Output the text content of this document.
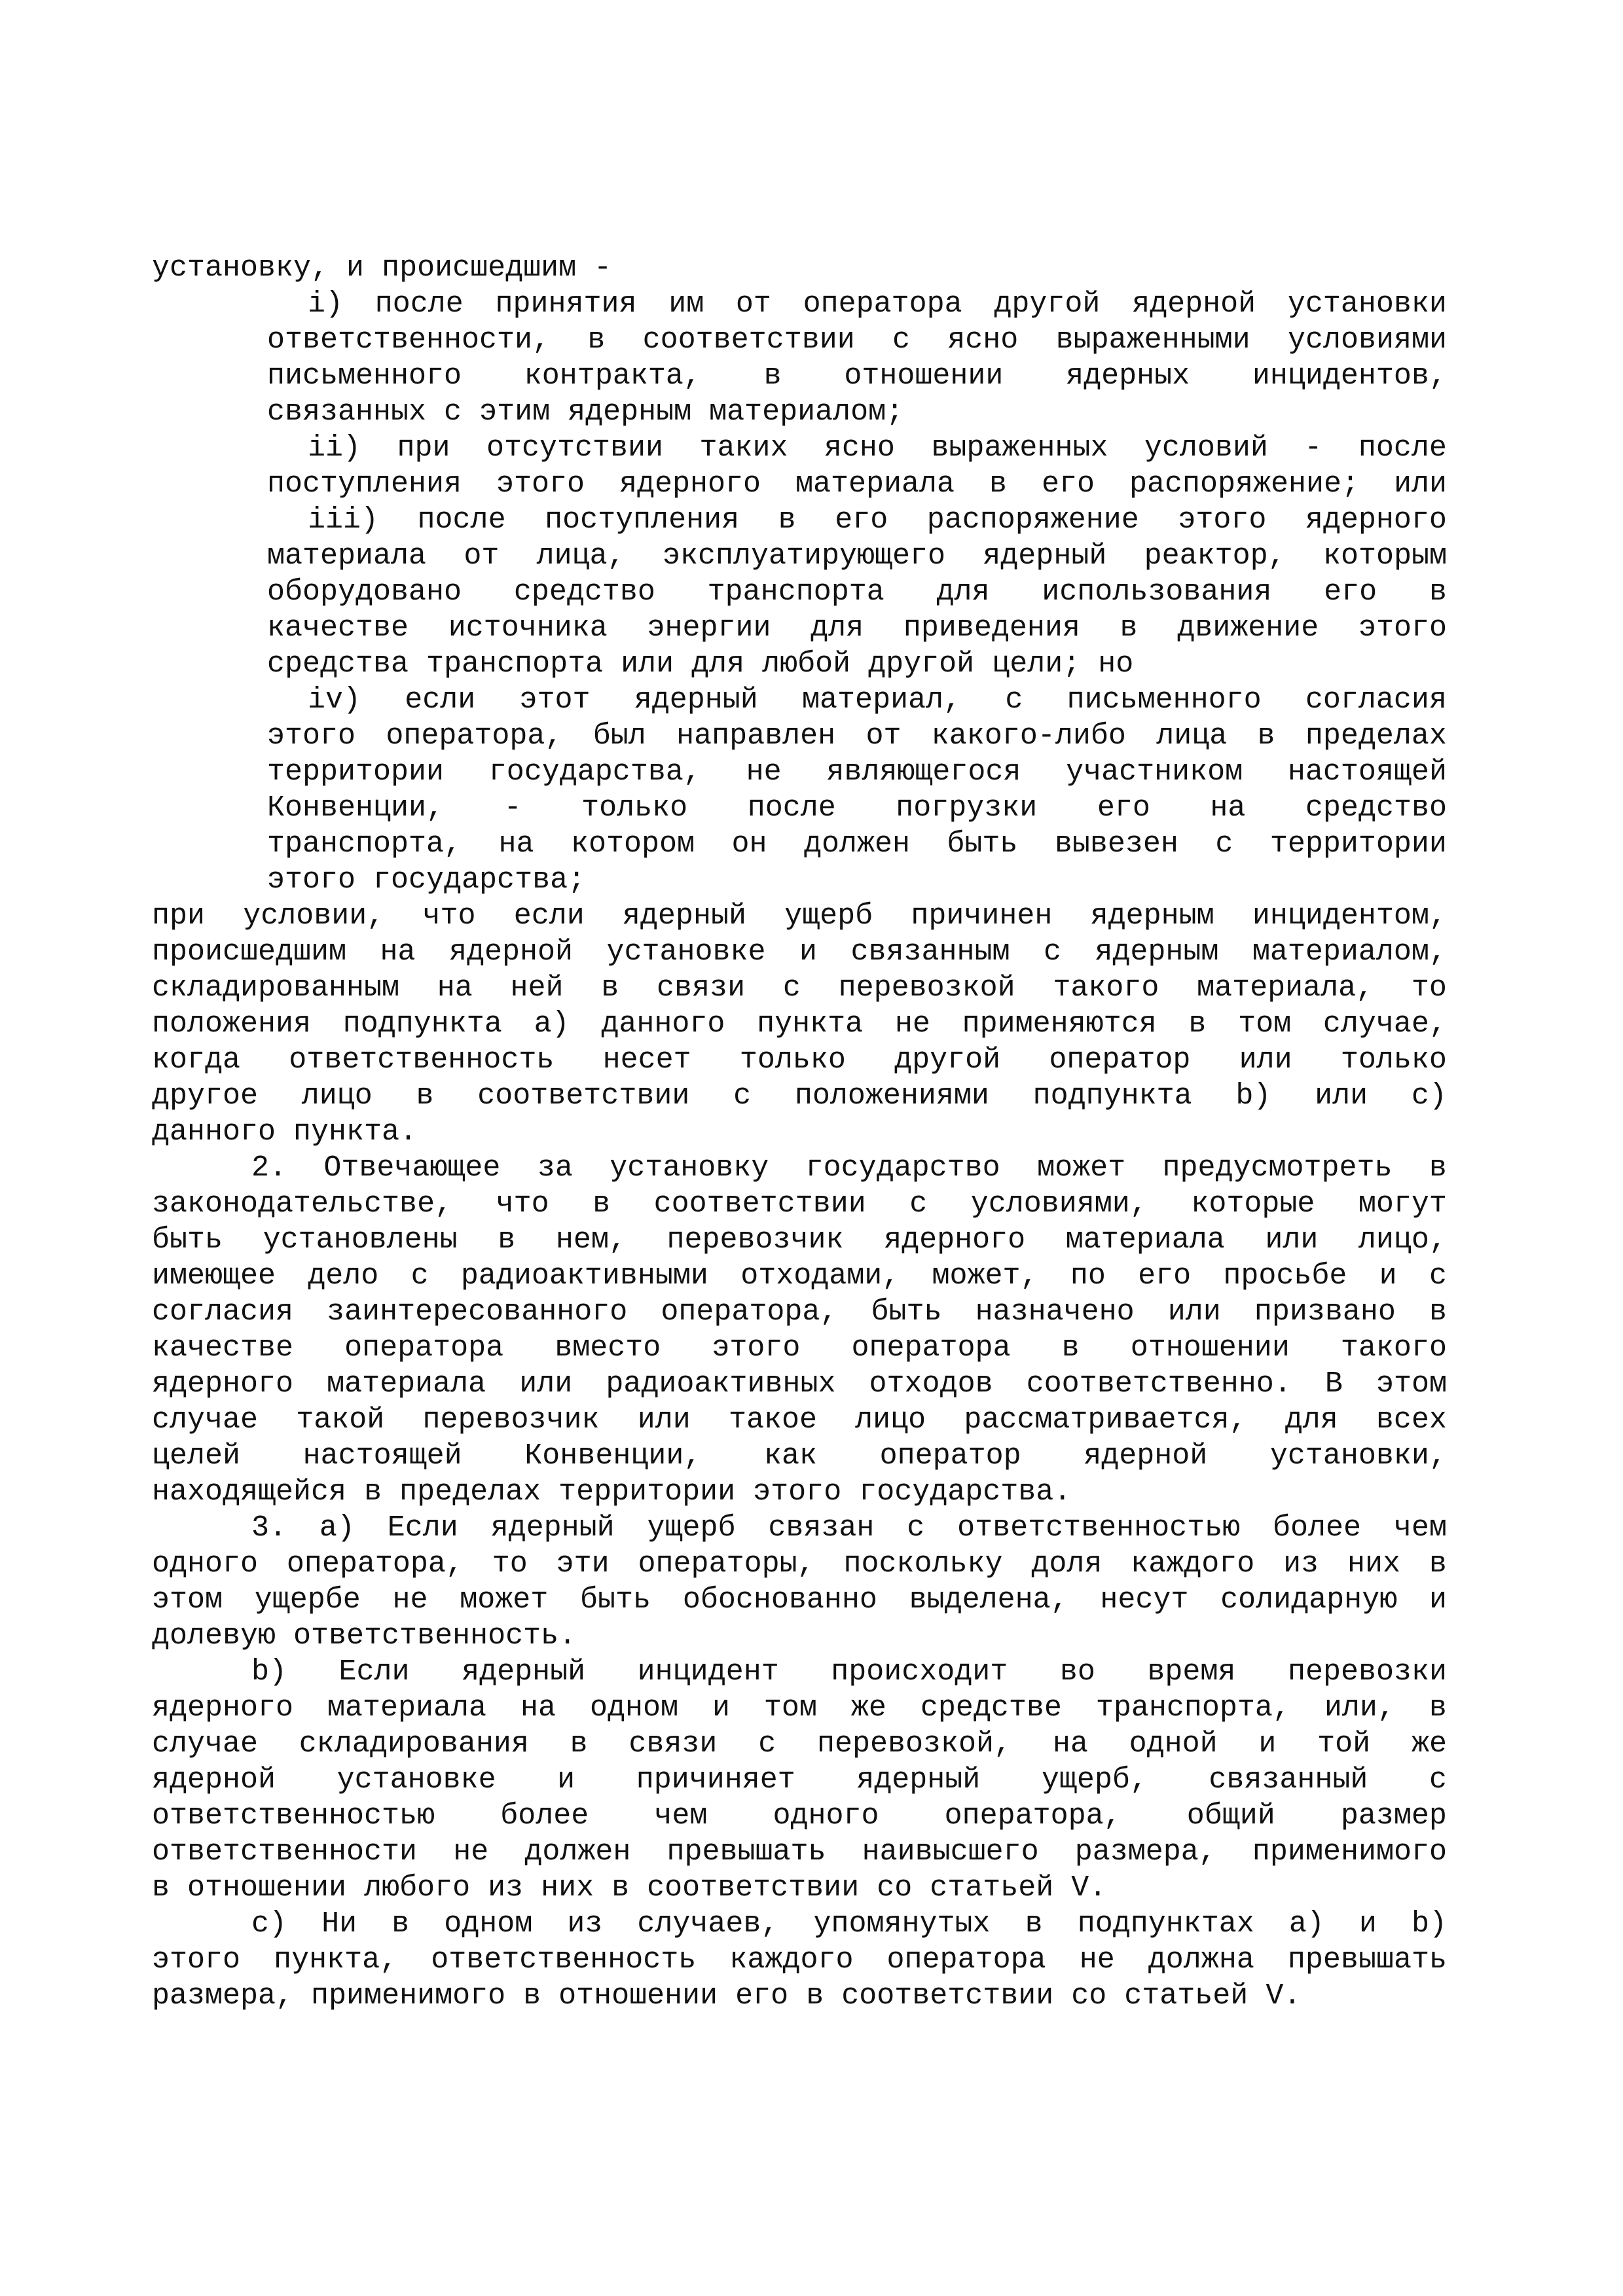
установку, и происшедшим -
i) после принятия им от оператора другой ядерной установки
ответственности, в соответствии с ясно выраженными условиями
письменного контракта, в отношении ядерных инцидентов,
связанных с этим ядерным материалом;
ii) при отсутствии таких ясно выраженных условий - после
поступления этого ядерного материала в его распоряжение; или
iii) после поступления в его распоряжение этого ядерного
материала от лица, эксплуатирующего ядерный реактор, которым
оборудовано средство транспорта для использования его в
качестве источника энергии для приведения в движение этого
средства транспорта или для любой другой цели; но
iv) если этот ядерный материал, с письменного согласия
этого оператора, был направлен от какого-либо лица в пределах
территории государства, не являющегося участником настоящей
Конвенции, - только после погрузки его на средство
транспорта, на котором он должен быть вывезен с территории
этого государства;
при условии, что если ядерный ущерб причинен ядерным инцидентом,
происшедшим на ядерной установке и связанным с ядерным материалом,
складированным на ней в связи с перевозкой такого материала, то
положения подпункта a) данного пункта не применяются в том случае,
когда ответственность несет только другой оператор или только
другое лицо в соответствии с положениями подпункта b) или c)
данного пункта.
2. Отвечающее за установку государство может предусмотреть в
законодательстве, что в соответствии с условиями, которые могут
быть установлены в нем, перевозчик ядерного материала или лицо,
имеющее дело с радиоактивными отходами, может, по его просьбе и с
согласия заинтересованного оператора, быть назначено или призвано в
качестве оператора вместо этого оператора в отношении такого
ядерного материала или радиоактивных отходов соответственно. В этом
случае такой перевозчик или такое лицо рассматривается, для всех
целей настоящей Конвенции, как оператор ядерной установки,
находящейся в пределах территории этого государства.
3. a) Если ядерный ущерб связан с ответственностью более чем
одного оператора, то эти операторы, поскольку доля каждого из них в
этом ущербе не может быть обоснованно выделена, несут солидарную и
долевую ответственность.
b) Если ядерный инцидент происходит во время перевозки
ядерного материала на одном и том же средстве транспорта, или, в
случае складирования в связи с перевозкой, на одной и той же
ядерной установке и причиняет ядерный ущерб, связанный с
ответственностью более чем одного оператора, общий размер
ответственности не должен превышать наивысшего размера, применимого
в отношении любого из них в соответствии со статьей V.
c) Ни в одном из случаев, упомянутых в подпунктах a) и b)
этого пункта, ответственность каждого оператора не должна превышать
размера, применимого в отношении его в соответствии со статьей V.
